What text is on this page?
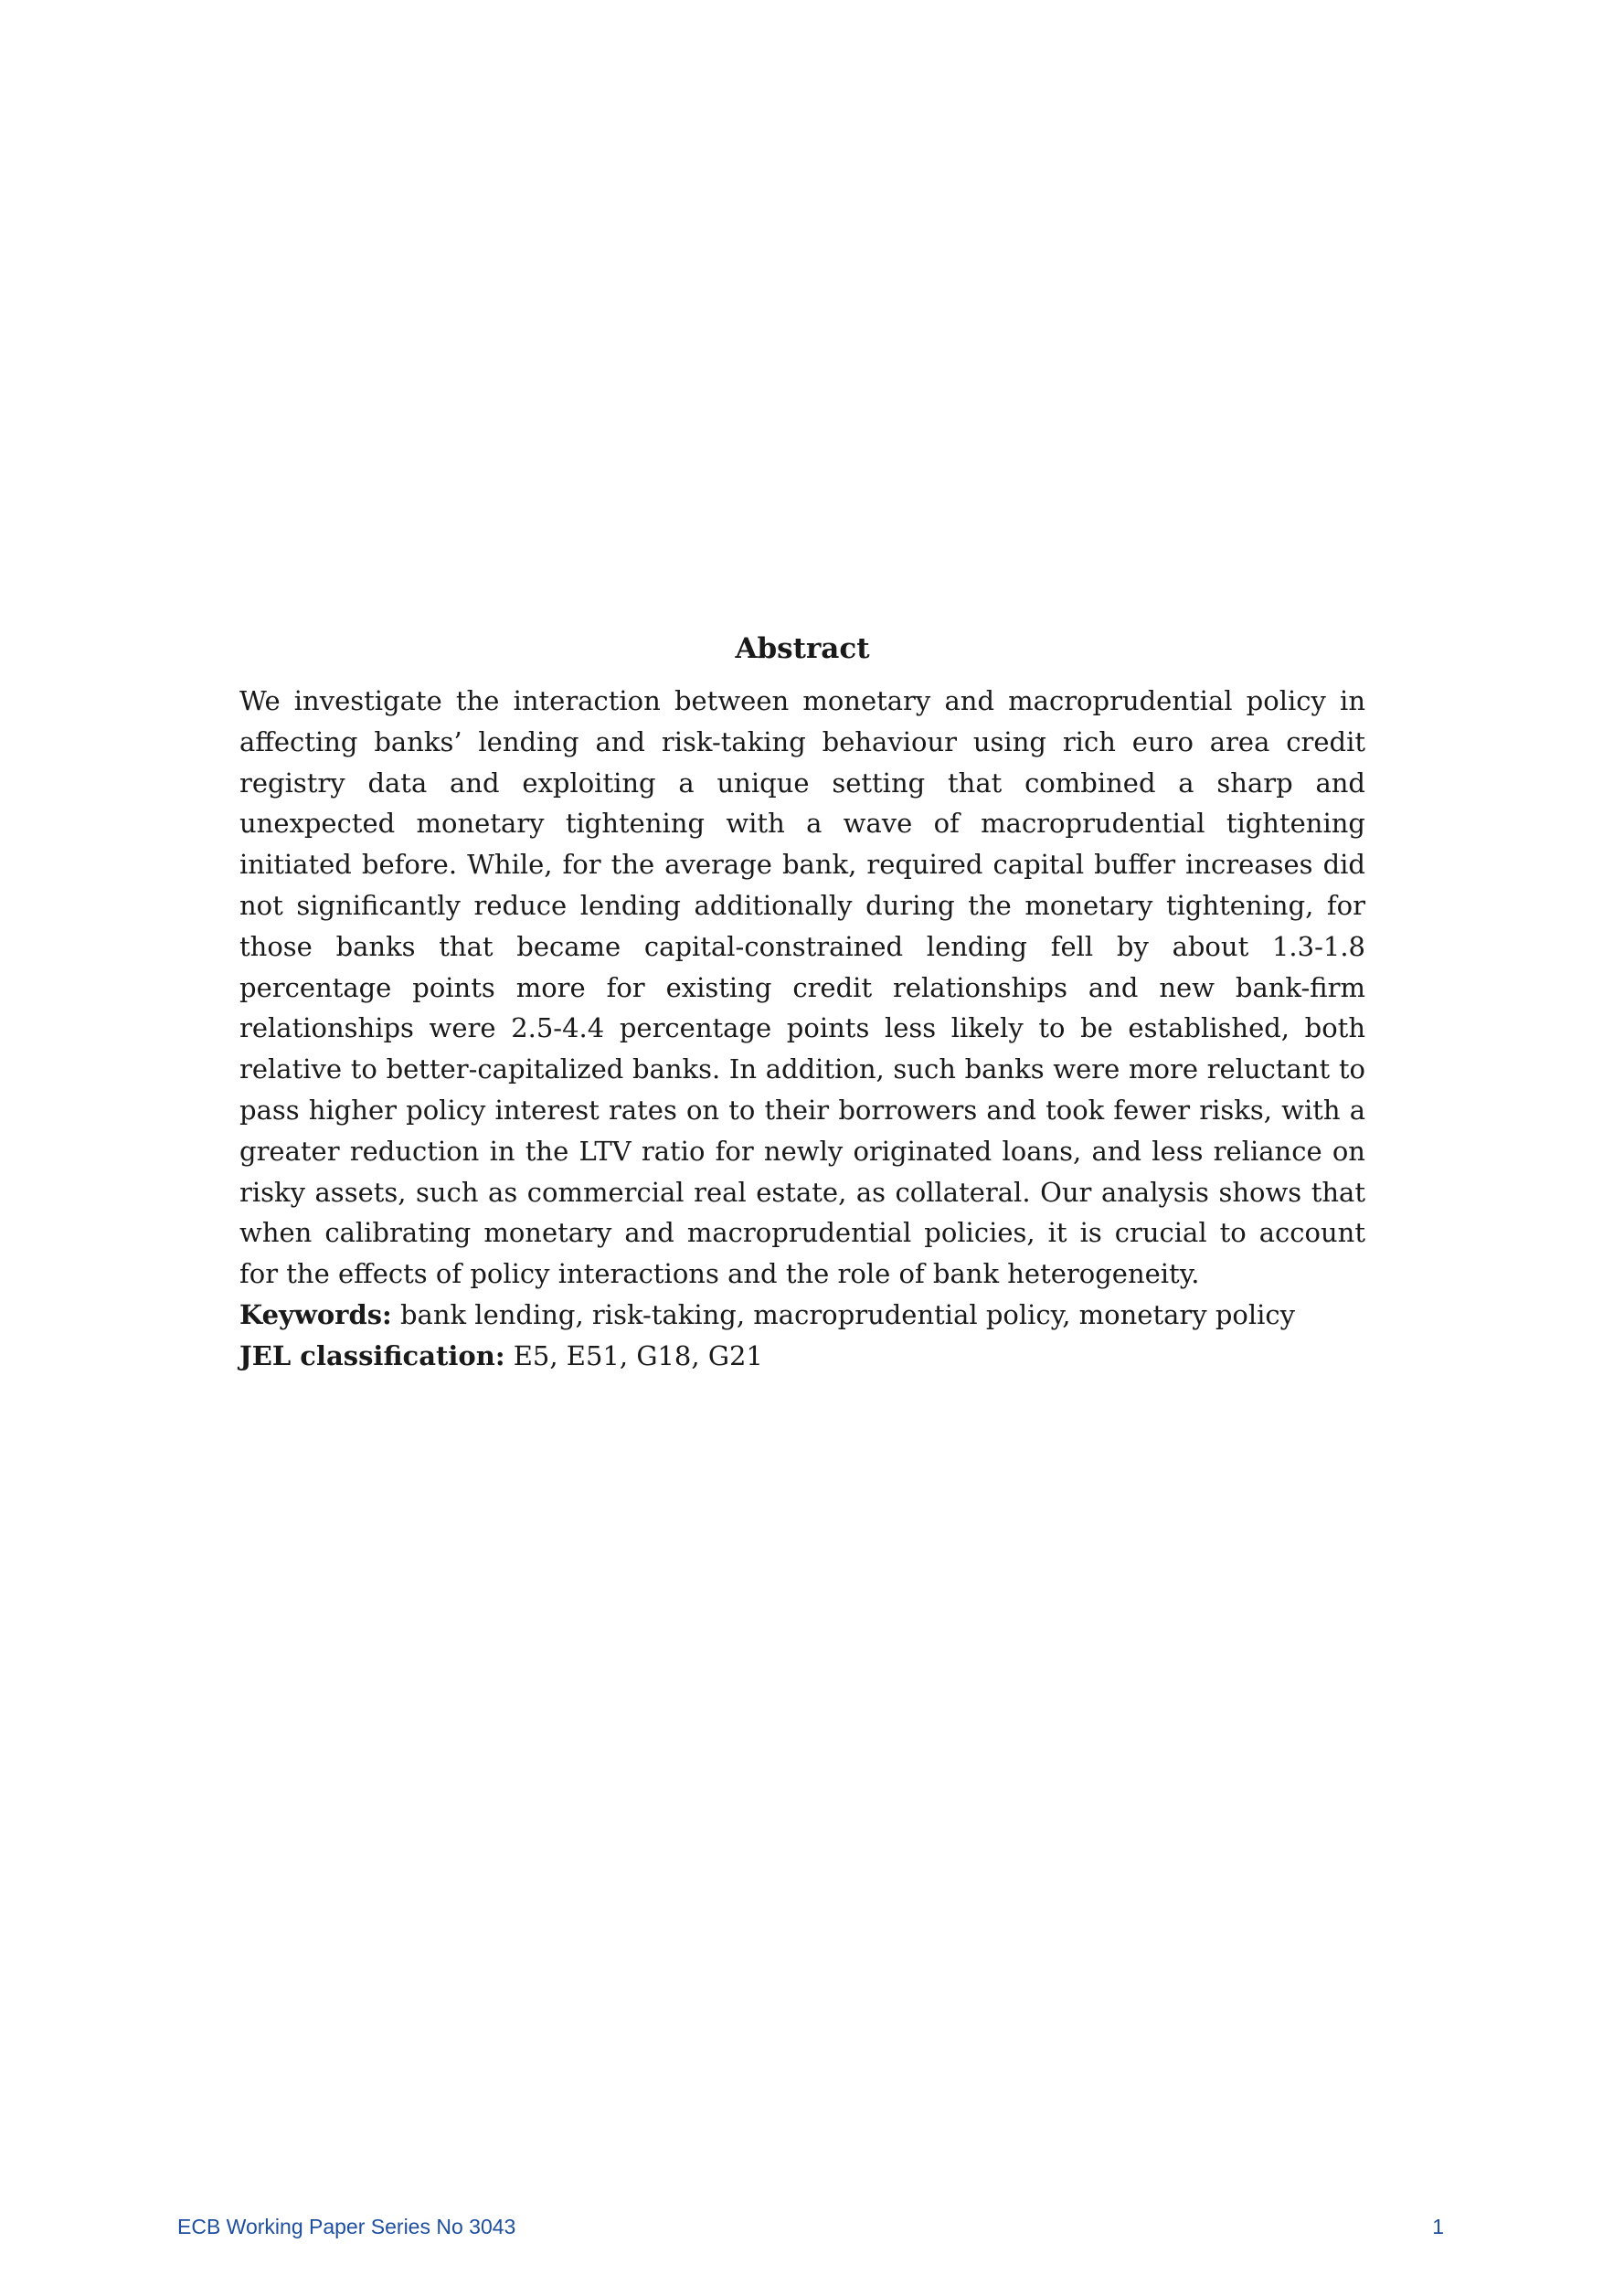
Abstract

We investigate the interaction between monetary and macroprudential policy in affecting banks’ lending and risk-taking behaviour using rich euro area credit registry data and exploiting a unique setting that combined a sharp and unexpected monetary tightening with a wave of macroprudential tightening initiated before. While, for the average bank, required capital buffer increases did not significantly reduce lending additionally during the monetary tightening, for those banks that became capital-constrained lending fell by about 1.3-1.8 percentage points more for existing credit relationships and new bank-firm relationships were 2.5-4.4 percentage points less likely to be established, both relative to better-capitalized banks. In addition, such banks were more reluctant to pass higher policy interest rates on to their borrowers and took fewer risks, with a greater reduction in the LTV ratio for newly originated loans, and less reliance on risky assets, such as commercial real estate, as collateral. Our analysis shows that when calibrating monetary and macroprudential policies, it is crucial to account for the effects of policy interactions and the role of bank heterogeneity.

Keywords: bank lending, risk-taking, macroprudential policy, monetary policy

JEL classification: E5, E51, G18, G21

ECB Working Paper Series No 3043	1
